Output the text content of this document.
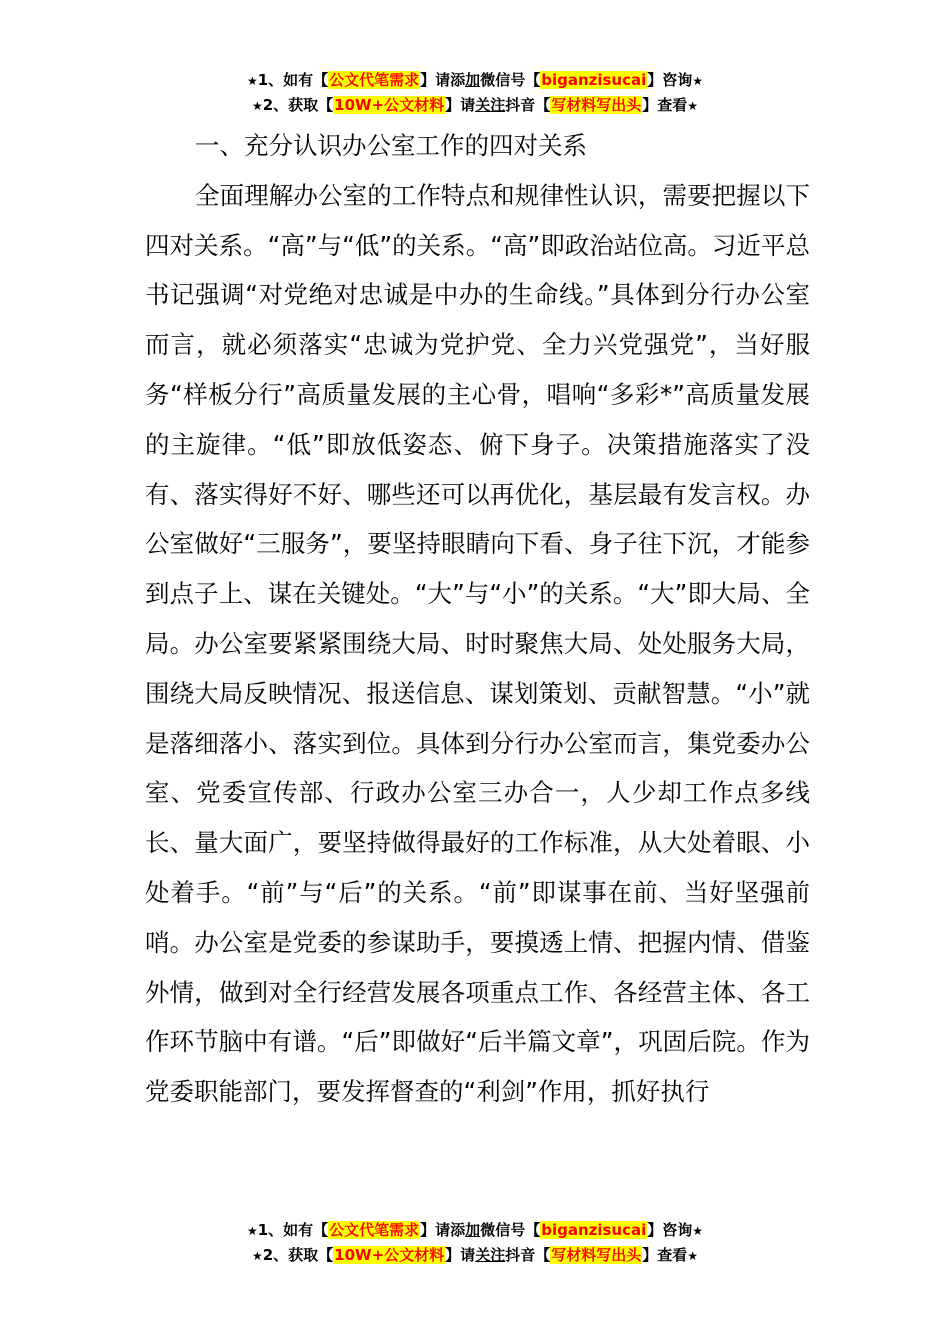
★1、如有【公文代笔需求】请添加微信号【biganzisucai】咨询★
★2、获取【10W+公文材料】请关注抖音【写材料写出头】查看★
一、充分认识办公室工作的四对关系

全面理解办公室的工作特点和规律性认识，需要把握以下四对关系。“高”与“低”的关系。“高”即政治站位高。习近平总书记强调“对党绝对忠诚是中办的生命线。”具体到分行办公室而言，就必须落实“忠诚为党护党、全力兴党强党”，当好服务“样板分行”高质量发展的主心骨，唱响“多彩*”高质量发展的主旋律。“低”即放低姿态、俯下身子。决策措施落实了没有、落实得好不好、哪些还可以再优化，基层最有发言权。办公室做好“三服务”，要坚持眼睛向下看、身子往下沉，才能参到点子上、谋在关键处。“大”与“小”的关系。“大”即大局、全局。办公室要紧紧围绕大局、时时聚焦大局、处处服务大局，围绕大局反映情况、报送信息、谋划策划、贡献智慧。“小”就是落细落小、落实到位。具体到分行办公室而言，集党委办公室、党委宣传部、行政办公室三办合一，人少却工作点多线长、量大面广，要坚持做得最好的工作标准，从大处着眼、小处着手。“前”与“后”的关系。“前”即谋事在前、当好坚强前哨。办公室是党委的参谋助手，要摸透上情、把握内情、借鉴外情，做到对全行经营发展各项重点工作、各经营主体、各工作环节脑中有谱。“后”即做好“后半篇文章”，巩固后院。作为党委职能部门，要发挥督查的“利剑”作用，抓好执行

★1、如有【公文代笔需求】请添加微信号【biganzisucai】咨询★
★2、获取【10W+公文材料】请关注抖音【写材料写出头】查看★
